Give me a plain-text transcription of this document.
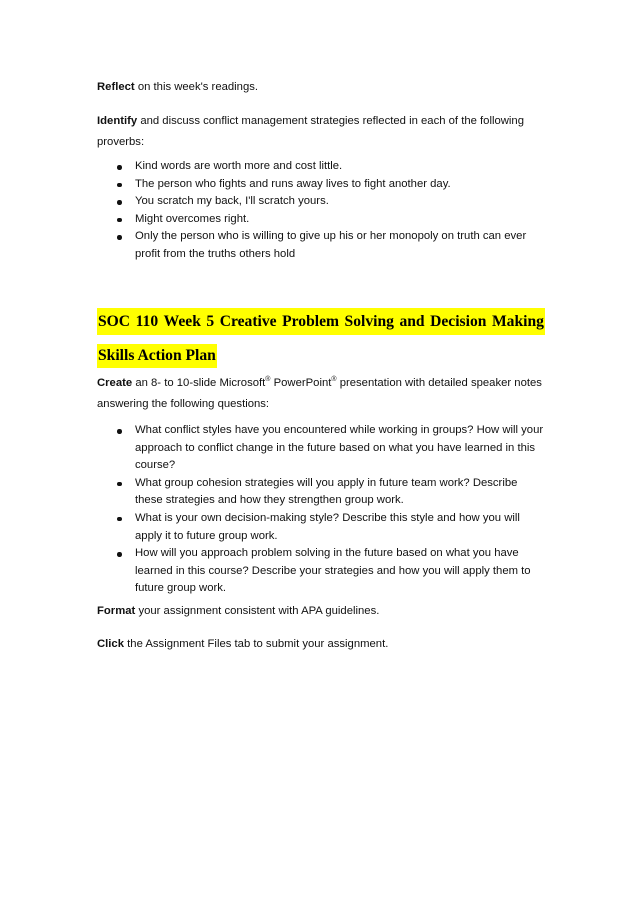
Reflect on this week's readings.

Identify and discuss conflict management strategies reflected in each of the following
proverbs:

Kind words are worth more and cost little.
The person who fights and runs away lives to fight another day.
You scratch my back, I'll scratch yours.
Might overcomes right.
Only the person who is willing to give up his or her monopoly on truth can ever
profit from the truths others hold
SOC 110 Week 5 Creative Problem Solving and Decision Making
Skills Action Plan

Create an 8- to 10-slide Microsoft® PowerPoint® presentation with detailed speaker notes
answering the following questions:

What conflict styles have you encountered while working in groups? How will your
approach to conflict change in the future based on what you have learned in this
course?
What group cohesion strategies will you apply in future team work? Describe
these strategies and how they strengthen group work.
What is your own decision-making style? Describe this style and how you will
apply it to future group work.
How will you approach problem solving in the future based on what you have
learned in this course? Describe your strategies and how you will apply them to
future group work.

Format your assignment consistent with APA guidelines.

Click the Assignment Files tab to submit your assignment.
